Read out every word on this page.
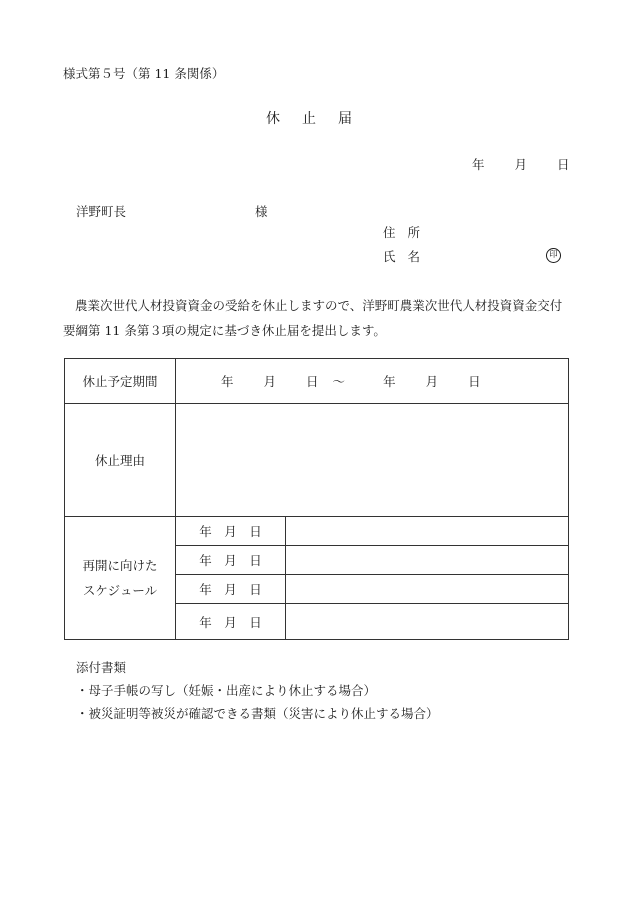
様式第５号（第 11 条関係）
休止届
年 月 日
洋野町長	様
住所
氏名	印

農業次世代人材投資資金の受給を休止しますので、洋野町農業次世代人材投資資金交付

要綱第 11 条第３項の規定に基づき休止届を提出します。

休止予定期間	年 月 日 ～ 年 月 日	
休止理由		

再開に向けた
スケジュール	年  月  日	
	年  月  日	
	年  月  日	
	年  月  日	
添付書類
・母子手帳の写し（妊娠・出産により休止する場合）
・被災証明等被災が確認できる書類（災害により休止する場合）
